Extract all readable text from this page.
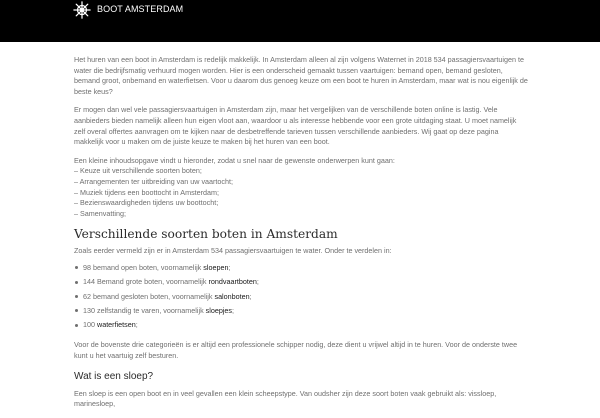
BOOT AMSTERDAM

Het huren van een boot in Amsterdam is redelijk makkelijk. In Amsterdam alleen al zijn volgens Waternet in 2018 534 passagiersvaartuigen te water die bedrijfsmatig verhuurd mogen worden. Hier is een onderscheid gemaakt tussen vaartuigen: bemand open, bemand gesloten, bemand groot, onbemand en waterfietsen. Voor u daarom dus genoeg keuze om een boot te huren in Amsterdam, maar wat is nou eigenlijk de beste keus?

Er mogen dan wel vele passagiersvaartuigen in Amsterdam zijn, maar het vergelijken van de verschillende boten online is lastig. Vele aanbieders bieden namelijk alleen hun eigen vloot aan, waardoor u als interesse hebbende voor een grote uitdaging staat. U moet namelijk zelf overal offertes aanvragen om te kijken naar de desbetreffende tarieven tussen verschillende aanbieders. Wij gaat op deze pagina makkelijk voor u maken om de juiste keuze te maken bij het huren van een boot.

Een kleine inhoudsopgave vindt u hieronder, zodat u snel naar de gewenste onderwerpen kunt gaan:
– Keuze uit verschillende soorten boten;
– Arrangementen ter uitbreiding van uw vaartocht;
– Muziek tijdens een boottocht in Amsterdam;
– Bezienswaardigheden tijdens uw boottocht;
– Samenvatting;

Verschillende soorten boten in Amsterdam

Zoals eerder vermeld zijn er in Amsterdam 534 passagiersvaartuigen te water. Onder te verdelen in:

98 bemand open boten, voornamelijk sloepen;
144 Bemand grote boten, voornamelijk rondvaartboten;
62 bemand gesloten boten, voornamelijk salonboten;
130 zelfstandig te varen, voornamelijk sloepjes;
100 waterfietsen;

Voor de bovenste drie categorieën is er altijd een professionele schipper nodig, deze dient u vrijwel altijd in te huren. Voor de onderste twee kunt u het vaartuig zelf besturen.

Wat is een sloep?

Een sloep is een open boot en in veel gevallen een klein scheepstype. Van oudsher zijn deze soort boten vaak gebruikt als: vissloep, marinesloep,
